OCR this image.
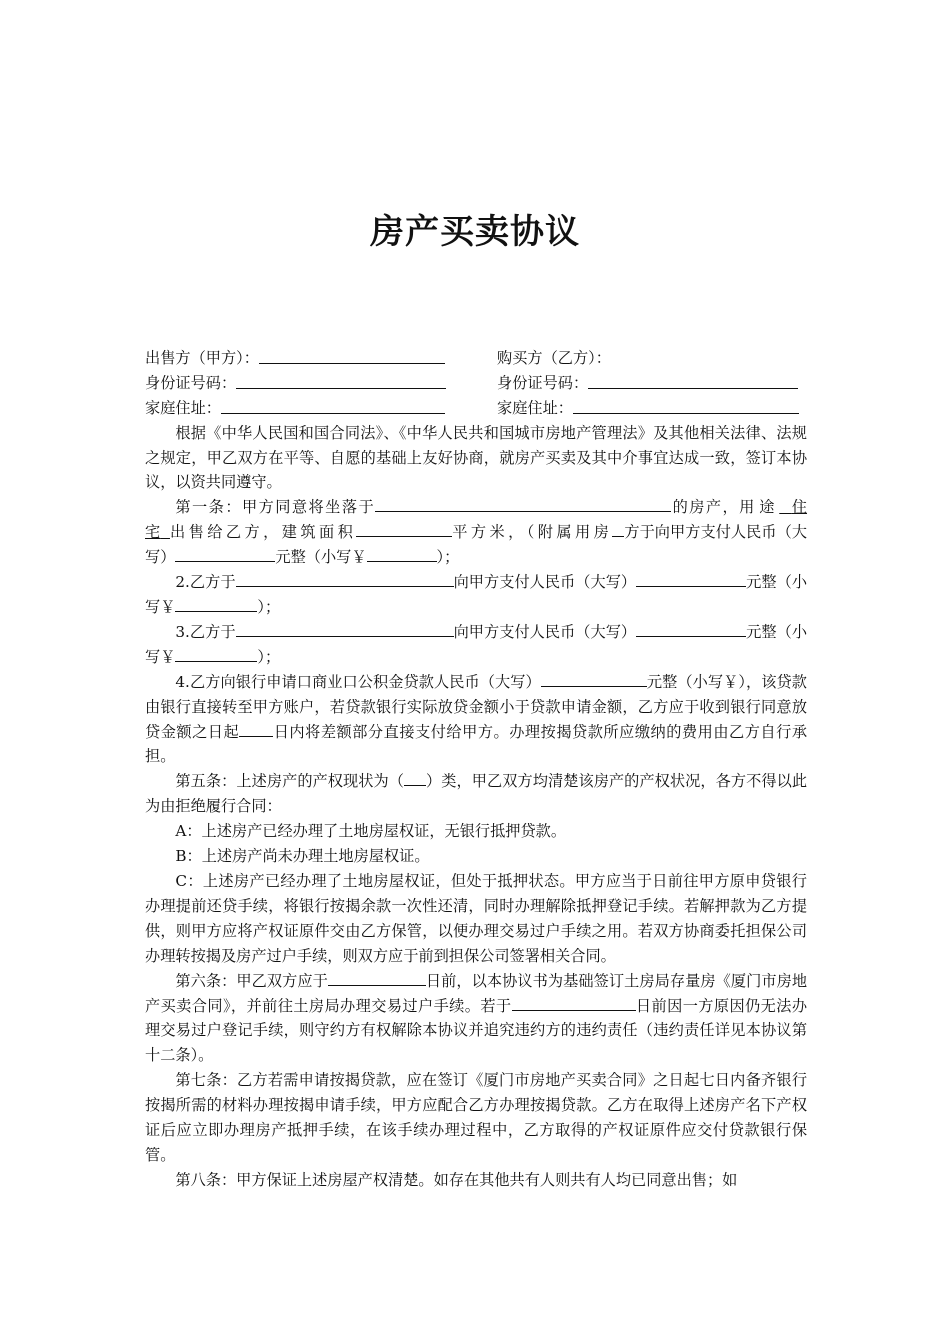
房产买卖协议
出售方（甲方）：	购买方（乙方）：
身份证号码：	身份证号码：
家庭住址：	家庭住址：

根据《中华人民国和国合同法》、《中华人民共和国城市房地产管理法》及其他相关法律、法规之规定，甲乙双方在平等、自愿的基础上友好协商，就房产买卖及其中介事宜达成一致，签订本协议，以资共同遵守。

第一条：甲方同意将坐落于	的房产，用途 住宅 出售给乙方，建筑面积	平方米，（附属用房 方于向甲方支付人民币（大写）	元整（小写￥	）；

2.乙方于	向甲方支付人民币（大写）	元整（小写￥	）；

3.乙方于	向甲方支付人民币（大写）	元整（小写￥	）；

4.乙方向银行申请口商业口公积金贷款人民币（大写）	元整（小写￥），该贷款由银行直接转至甲方账户，若贷款银行实际放贷金额小于贷款申请金额，乙方应于收到银行同意放贷金额之日起 日内将差额部分直接支付给甲方。办理按揭贷款所应缴纳的费用由乙方自行承担。

第五条：上述房产的产权现状为（ ）类，甲乙双方均清楚该房产的产权状况，各方不得以此为由拒绝履行合同：

A：上述房产已经办理了土地房屋权证，无银行抵押贷款。

B：上述房产尚未办理土地房屋权证。

C：上述房产已经办理了土地房屋权证，但处于抵押状态。甲方应当于日前往甲方原申贷银行办理提前还贷手续，将银行按揭余款一次性还清，同时办理解除抵押登记手续。若解押款为乙方提供，则甲方应将产权证原件交由乙方保管，以便办理交易过户手续之用。若双方协商委托担保公司办理转按揭及房产过户手续，则双方应于前到担保公司签署相关合同。

第六条：甲乙双方应于	日前，以本协议书为基础签订土房局存量房《厦门市房地产买卖合同》，并前往土房局办理交易过户手续。若于	日前因一方原因仍无法办理交易过户登记手续，则守约方有权解除本协议并追究违约方的违约责任（违约责任详见本协议第十二条）。

第七条：乙方若需申请按揭贷款，应在签订《厦门市房地产买卖合同》之日起七日内备齐银行按揭所需的材料办理按揭申请手续，甲方应配合乙方办理按揭贷款。乙方在取得上述房产名下产权证后应立即办理房产抵押手续，在该手续办理过程中，乙方取得的产权证原件应交付贷款银行保管。

第八条：甲方保证上述房屋产权清楚。如存在其他共有人则共有人均已同意出售；如
